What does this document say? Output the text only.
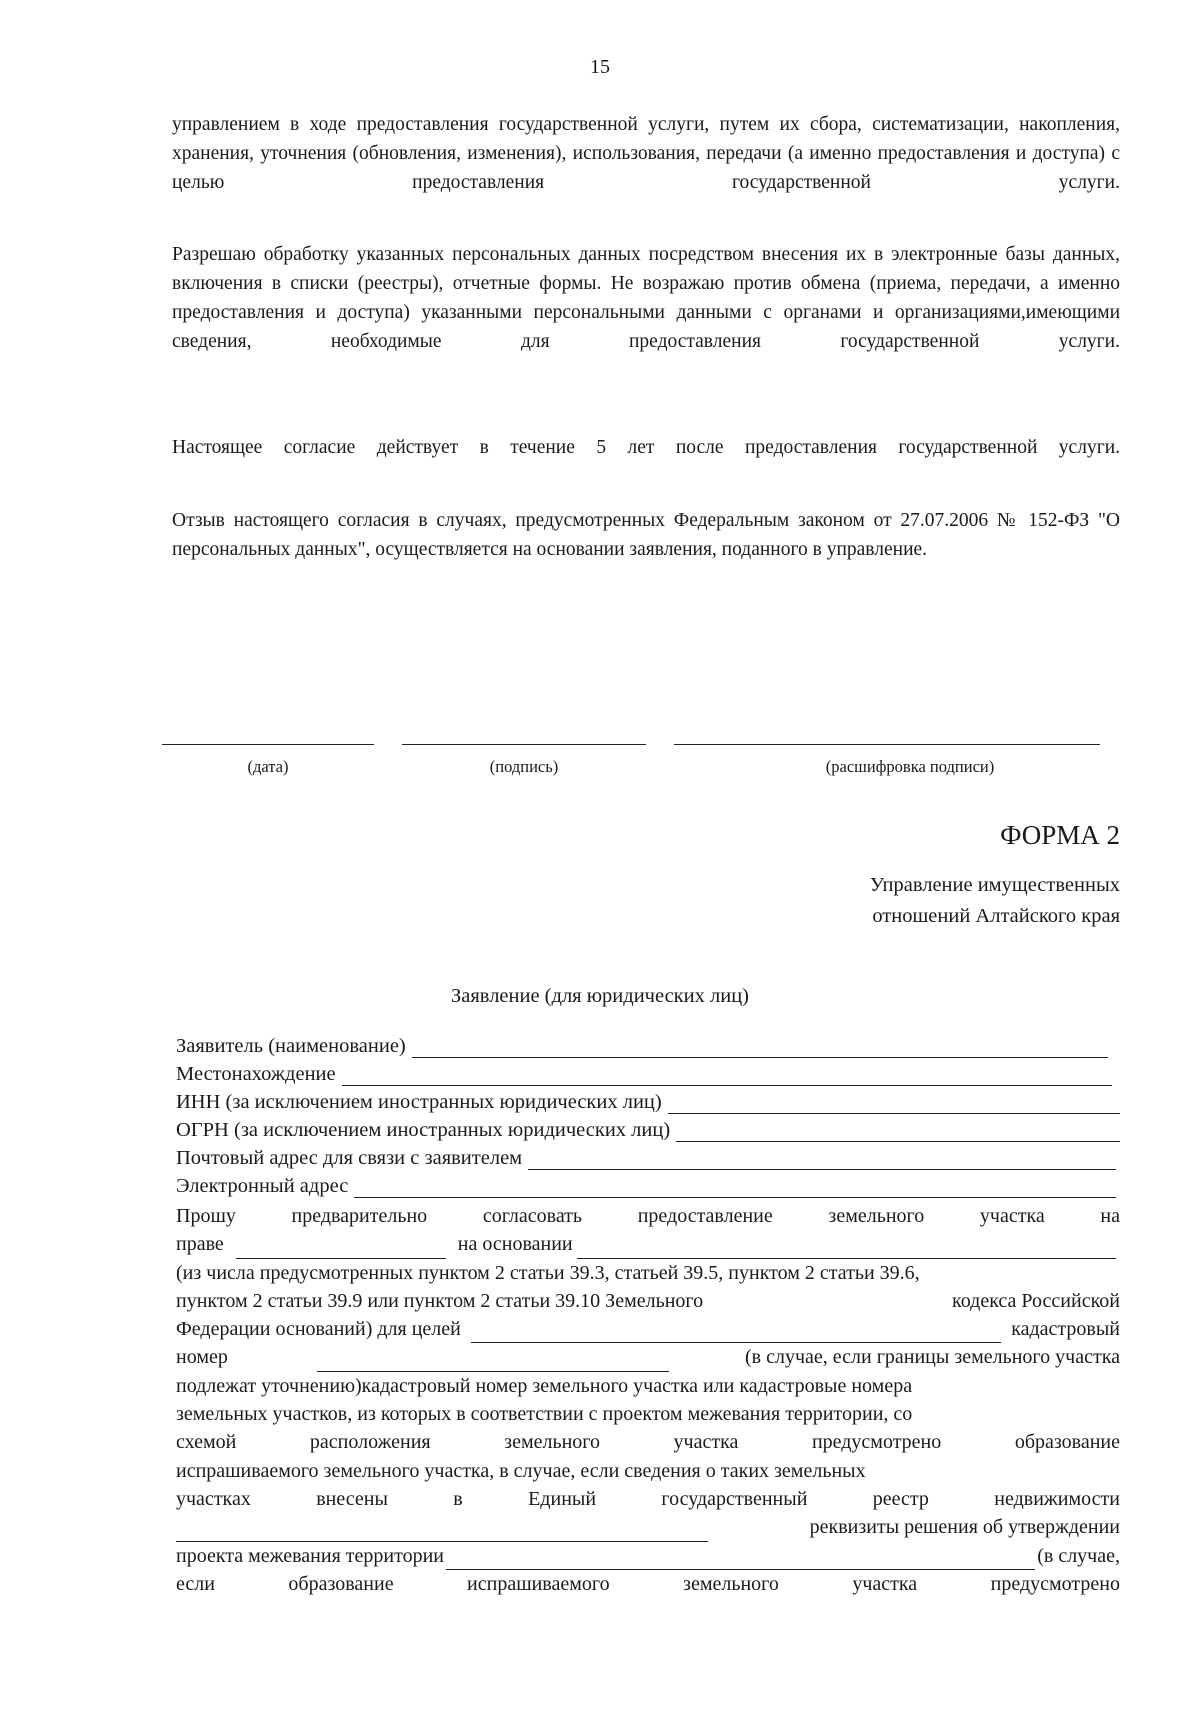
15
управлением в ходе предоставления государственной услуги, путем их сбора, систематизации, накопления, хранения, уточнения (обновления, изменения), использования, передачи (а именно предоставления и доступа) с целью предоставления государственной услуги.
Разрешаю обработку указанных персональных данных посредством внесения их в электронные базы данных, включения в списки (реестры), отчетные формы. Не возражаю против обмена (приема, передачи, а именно предоставления и доступа) указанными персональными данными с органами и организациями,имеющими сведения, необходимые для предоставления государственной услуги.
Настоящее согласие действует в течение 5 лет после предоставления государственной услуги.
Отзыв настоящего согласия в случаях, предусмотренных Федеральным законом от 27.07.2006 № 152-ФЗ "О персональных данных", осуществляется на основании заявления, поданного в управление.
(дата)	(подпись)	(расшифровка подписи)
ФОРМА 2
Управление имущественных
отношений Алтайского края
Заявление (для юридических лиц)
Заявитель (наименование)
Местонахождение
ИНН (за исключением иностранных юридических лиц)
ОГРН (за исключением иностранных юридических лиц)
Почтовый адрес для связи с заявителем
Электронный адрес
Прошу	предварительно	согласовать	предоставление	земельного	участка	на
праве	на основании
(из числа предусмотренных пунктом 2 статьи 39.3, статьей 39.5, пунктом 2 статьи 39.6,
пунктом 2 статьи 39.9 или пунктом 2 статьи 39.10 Земельного	кодекса Российской
Федерации оснований) для целей	кадастровый
номер	(в случае, если границы земельного участка
подлежат уточнению)кадастровый номер земельного участка или кадастровые номера
земельных участков, из которых в соответствии с проектом межевания территории, со
схемой	расположения	земельного	участка	предусмотрено	образование
испрашиваемого земельного участка, в случае, если сведения о таких земельных
участках	внесены	в	Единый	государственный	реестр	недвижимости
реквизиты решения об утверждении
проекта межевания территории	(в случае,
если	образование	испрашиваемого	земельного	участка	предусмотрено
